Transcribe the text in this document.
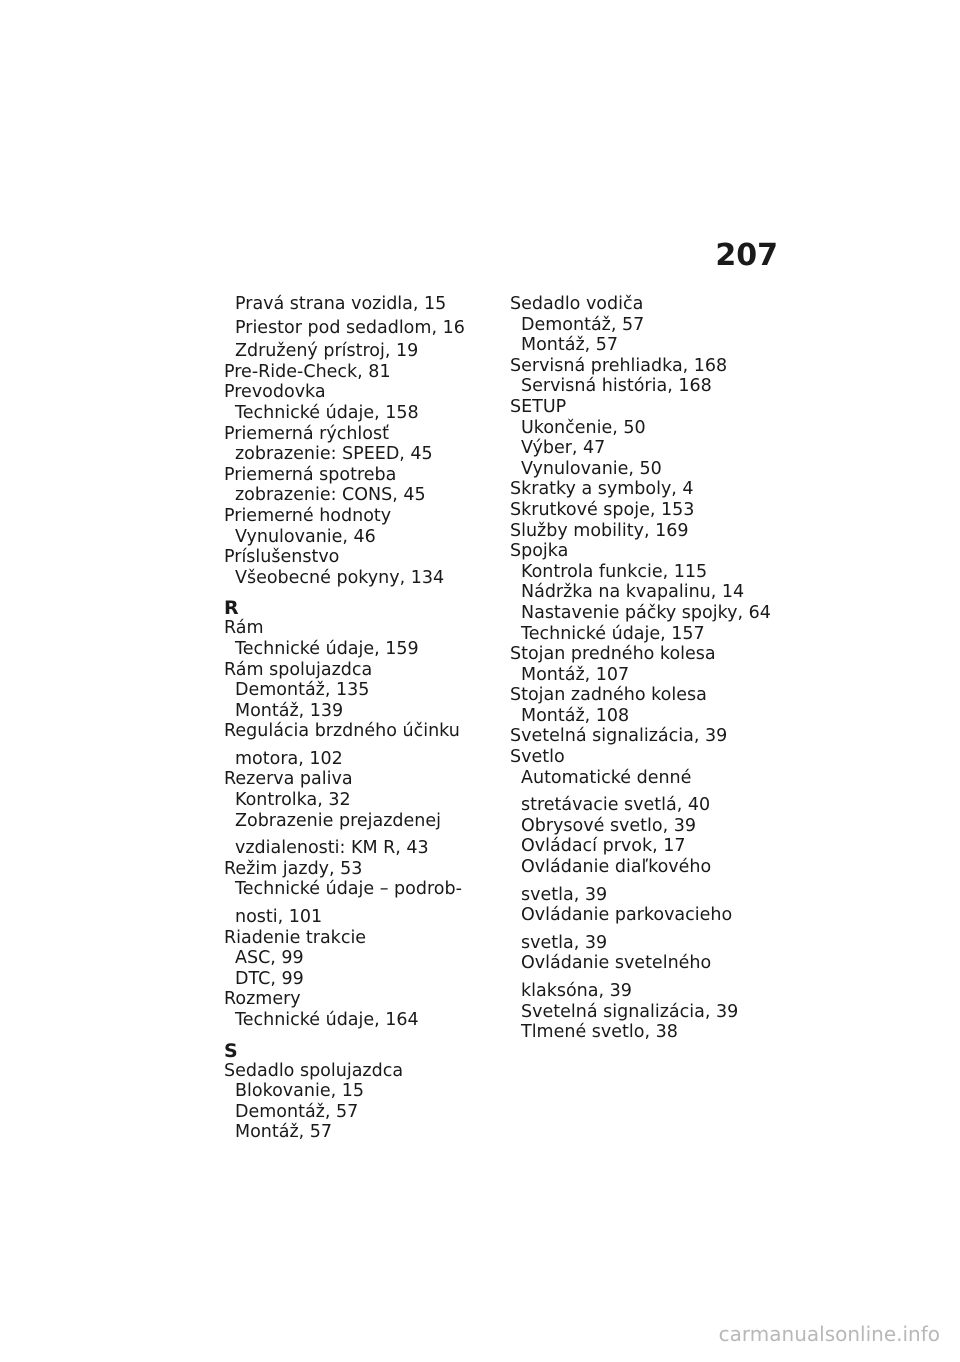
207

Pravá strana vozidla, 15

Priestor pod sedadlom, 16

Združený prístroj, 19

Pre-Ride-Check, 81

Prevodovka

Technické údaje, 158

Priemerná rýchlosť

zobrazenie: SPEED, 45

Priemerná spotreba

zobrazenie: CONS, 45

Priemerné hodnoty

Vynulovanie, 46

Príslušenstvo

Všeobecné pokyny, 134

R

Rám

Technické údaje, 159

Rám spolujazdca

Demontáž, 135

Montáž, 139

Regulácia brzdného účinku

motora, 102

Rezerva paliva

Kontrolka, 32

Zobrazenie prejazdenej

vzdialenosti: KM R, 43

Režim jazdy, 53

Technické údaje – podrob-

nosti, 101

Riadenie trakcie

ASC, 99

DTC, 99

Rozmery

Technické údaje, 164

S

Sedadlo spolujazdca

Blokovanie, 15

Demontáž, 57

Montáž, 57

Sedadlo vodiča

Demontáž, 57

Montáž, 57

Servisná prehliadka, 168

Servisná história, 168

SETUP

Ukončenie, 50

Výber, 47

Vynulovanie, 50

Skratky a symboly, 4

Skrutkové spoje, 153

Služby mobility, 169

Spojka

Kontrola funkcie, 115

Nádržka na kvapalinu, 14

Nastavenie páčky spojky, 64

Technické údaje, 157

Stojan predného kolesa

Montáž, 107

Stojan zadného kolesa

Montáž, 108

Svetelná signalizácia, 39

Svetlo

Automatické denné

stretávacie svetlá, 40

Obrysové svetlo, 39

Ovládací prvok, 17

Ovládanie diaľkového

svetla, 39

Ovládanie parkovacieho

svetla, 39

Ovládanie svetelného

klaksóna, 39

Svetelná signalizácia, 39

Tlmené svetlo, 38

carmanualsonline.info
